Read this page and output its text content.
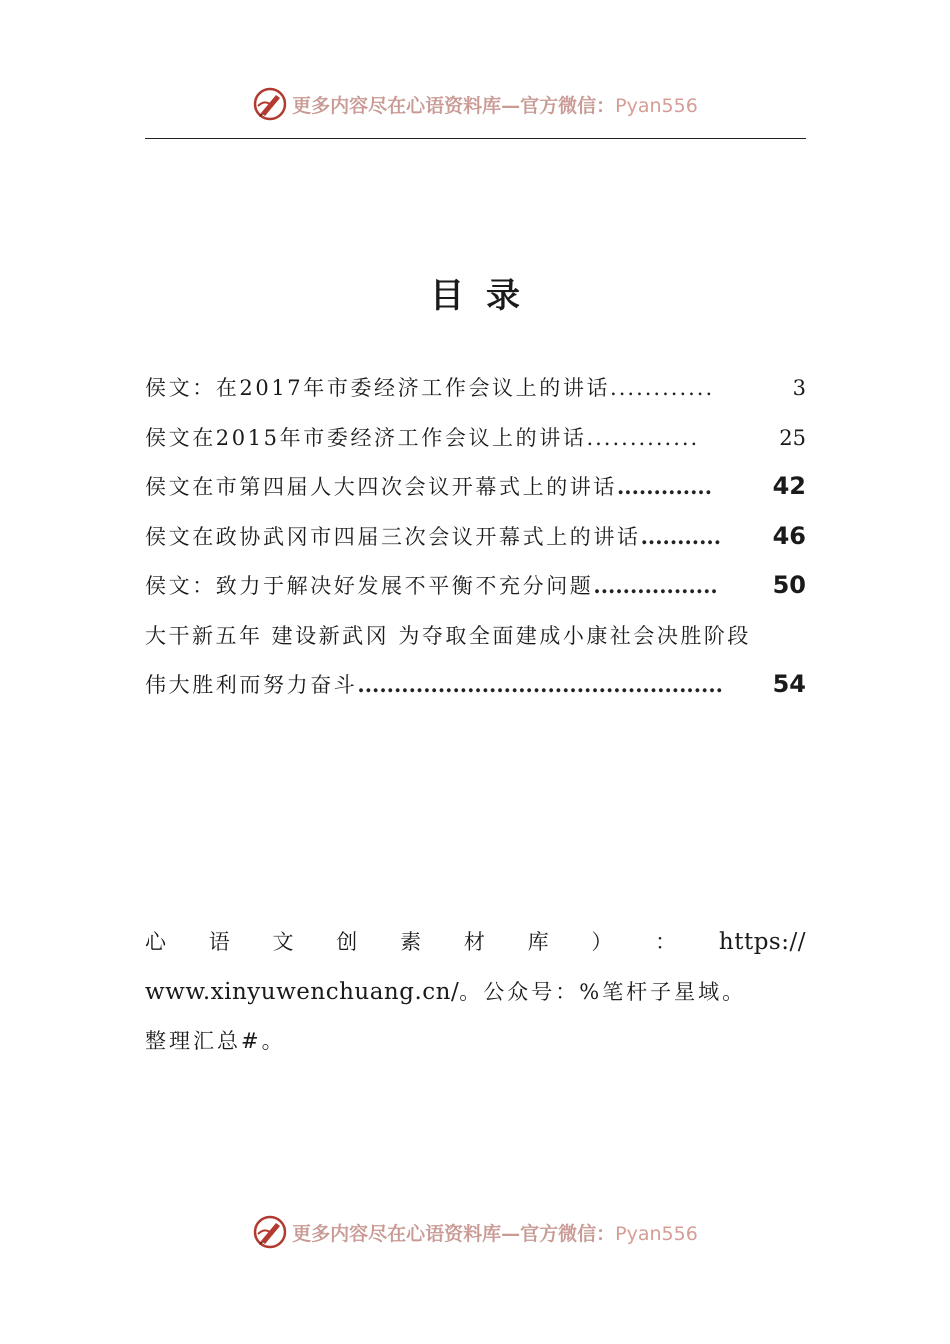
更多内容尽在心语资料库—官方微信：Pyan556
目录
侯文：在2017年市委经济工作会议上的讲话 ............	3
侯文在2015年市委经济工作会议上的讲话 .............	25
侯文在市第四届人大四次会议开幕式上的讲话 .............	42
侯文在政协武冈市四届三次会议开幕式上的讲话 ...........	46
侯文：致力于解决好发展不平衡不充分问题 .................	50
大干新五年 建设新武冈 为夺取全面建成小康社会决胜阶段
伟大胜利而努力奋斗 ..................................................	54
心 语 文 创 素 材 库 ） ： https://
www.xinyuwenchuang.cn/。公众号：%笔杆子星域。
整理汇总#。
更多内容尽在心语资料库—官方微信：Pyan556
